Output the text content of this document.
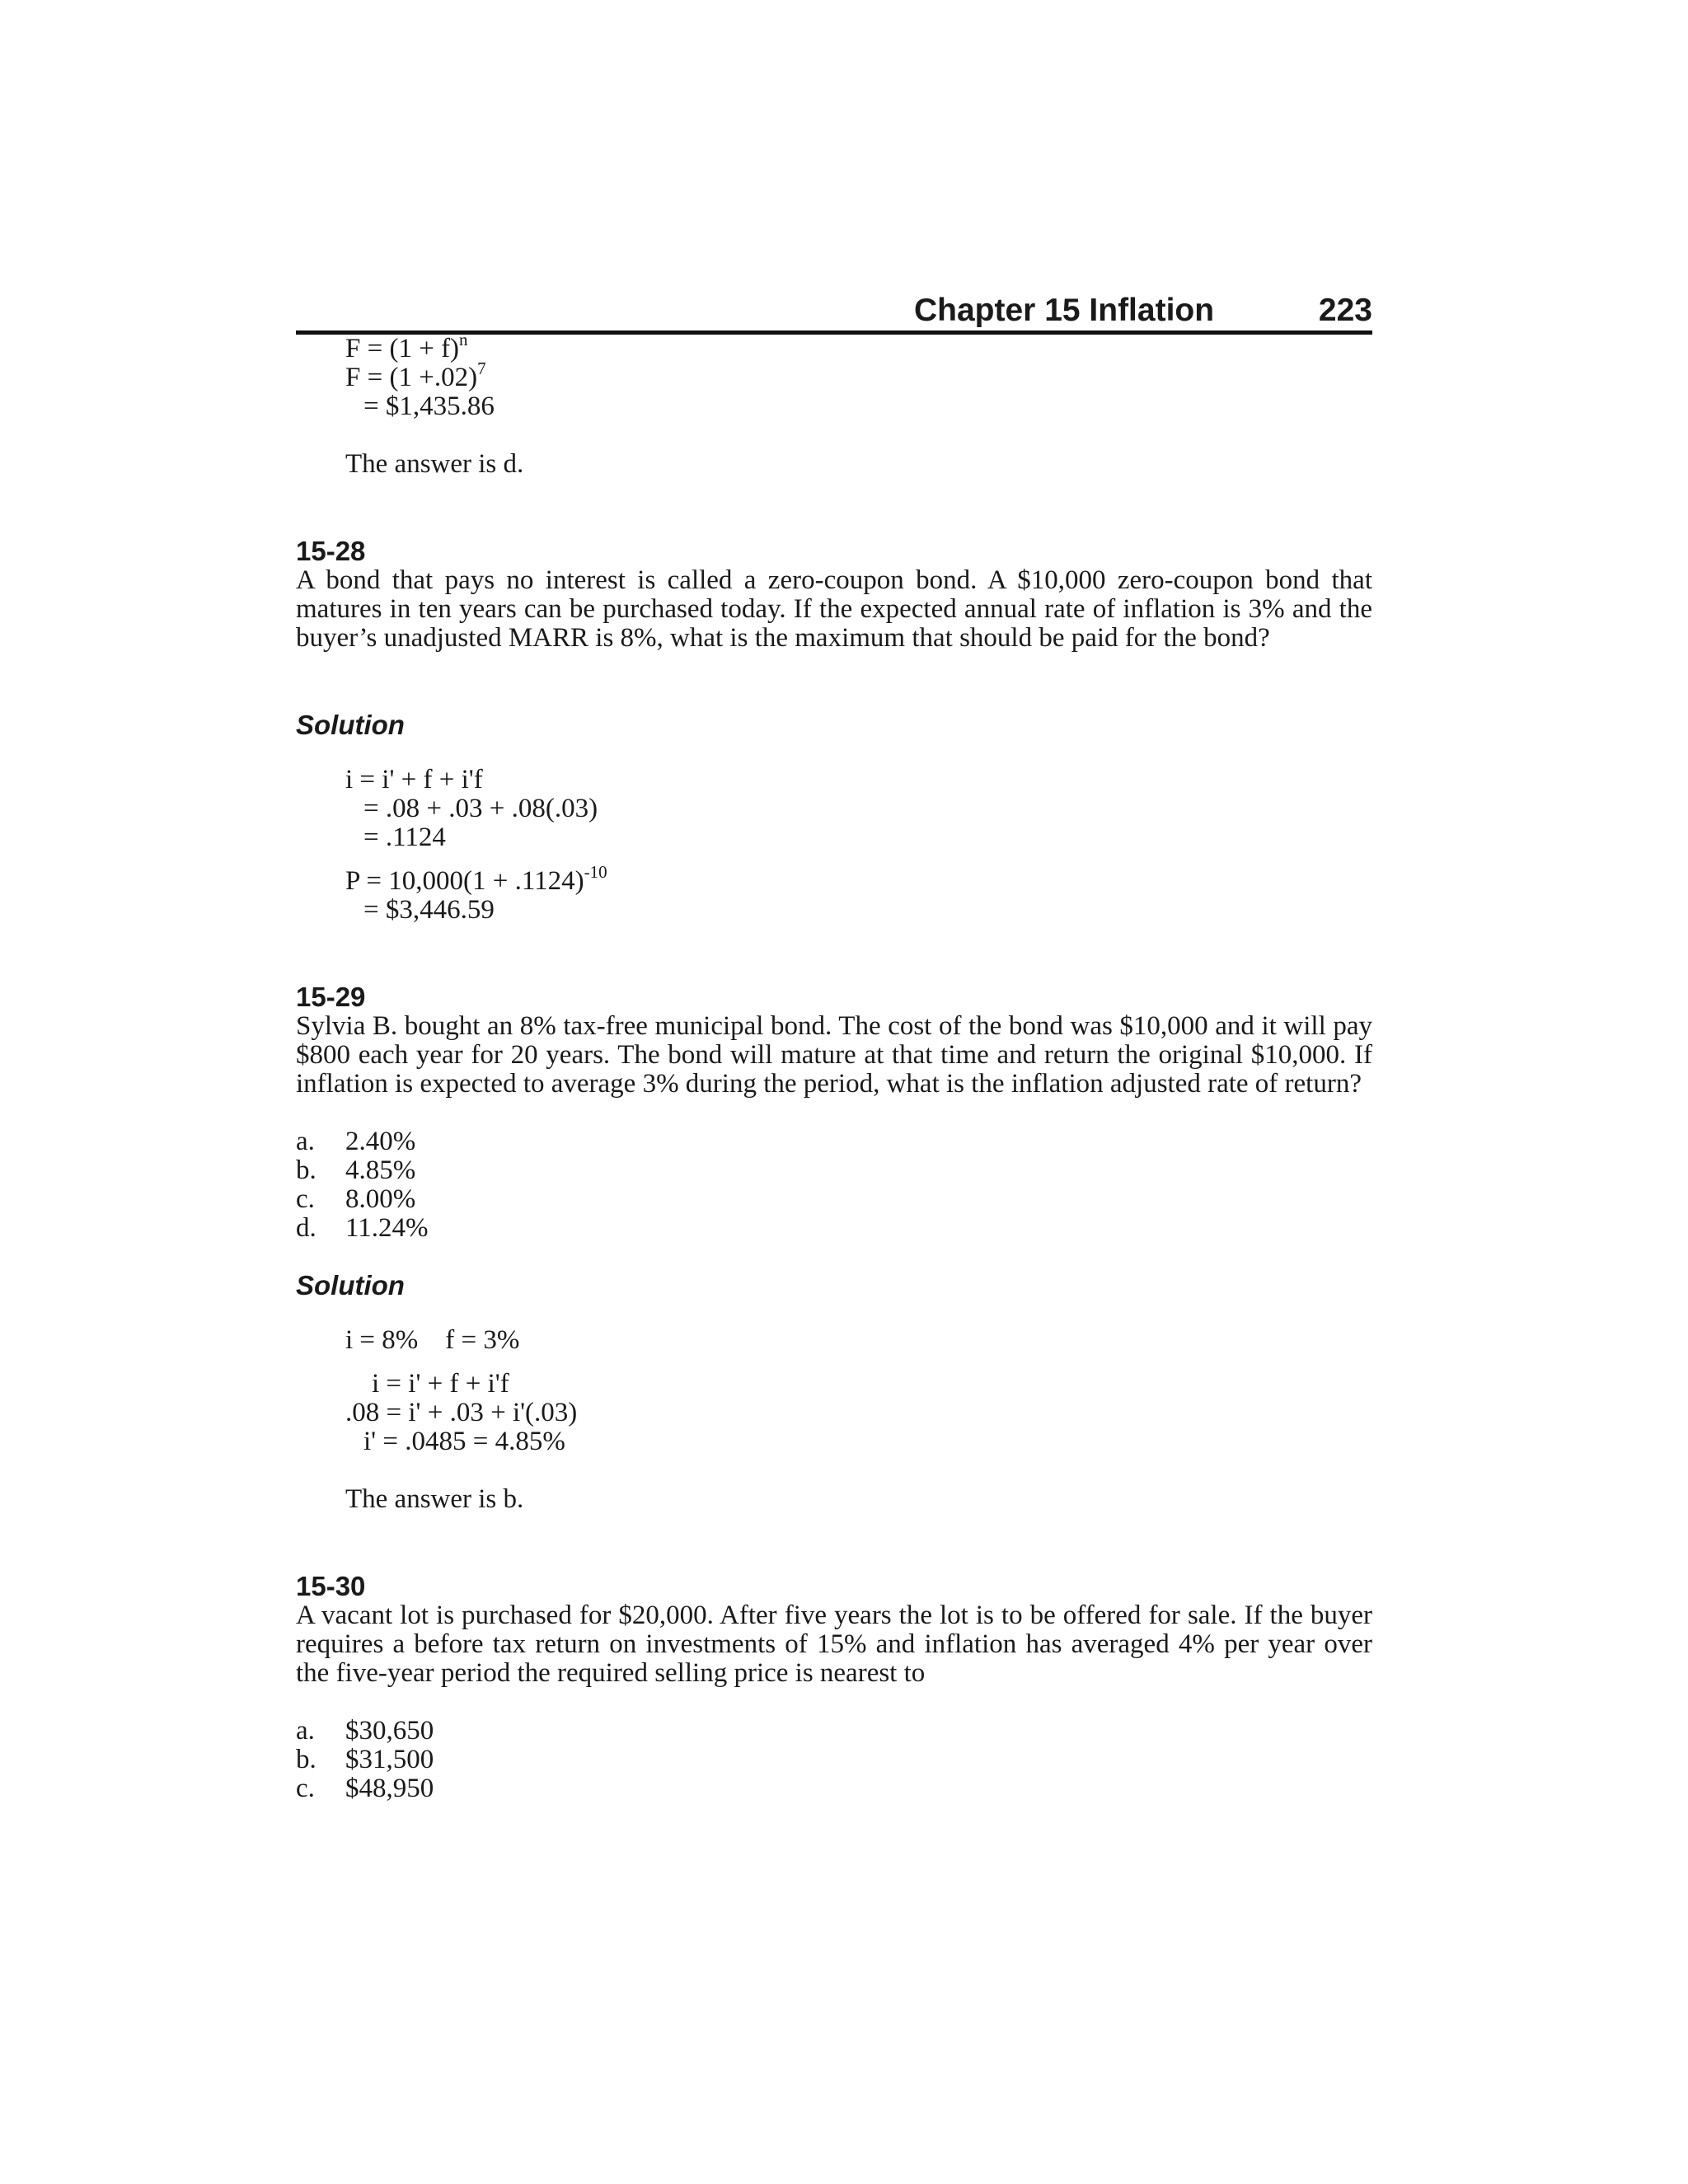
Chapter 15 Inflation	223
$F = (1 + f)^n$
$F = (1 +.02)^7$
= $1,435.86
The answer is d.
15-28
A bond that pays no interest is called a zero-coupon bond. A $10,000 zero-coupon bond that matures in ten years can be purchased today. If the expected annual rate of inflation is 3% and the buyer’s unadjusted MARR is 8%, what is the maximum that should be paid for the bond?
Solution
i = i' + f + i'f
= .08 + .03 + .08(.03)
= .1124
$P = 10,000(1 + .1124)^{-10}$
= $3,446.59
15-29
Sylvia B. bought an 8% tax-free municipal bond. The cost of the bond was $10,000 and it will pay $800 each year for 20 years. The bond will mature at that time and return the original $10,000. If inflation is expected to average 3% during the period, what is the inflation adjusted rate of return?
a.	2.40%
b.	4.85%
c.	8.00%
d.	11.24%
Solution
i = 8%    f = 3%
i = i' + f + i'f
.08 = i' + .03 + i'(.03)
i' = .0485 = 4.85%
The answer is b.
15-30
A vacant lot is purchased for $20,000. After five years the lot is to be offered for sale. If the buyer requires a before tax return on investments of 15% and inflation has averaged 4% per year over the five-year period the required selling price is nearest to
a.	$30,650
b.	$31,500
c.	$48,950
